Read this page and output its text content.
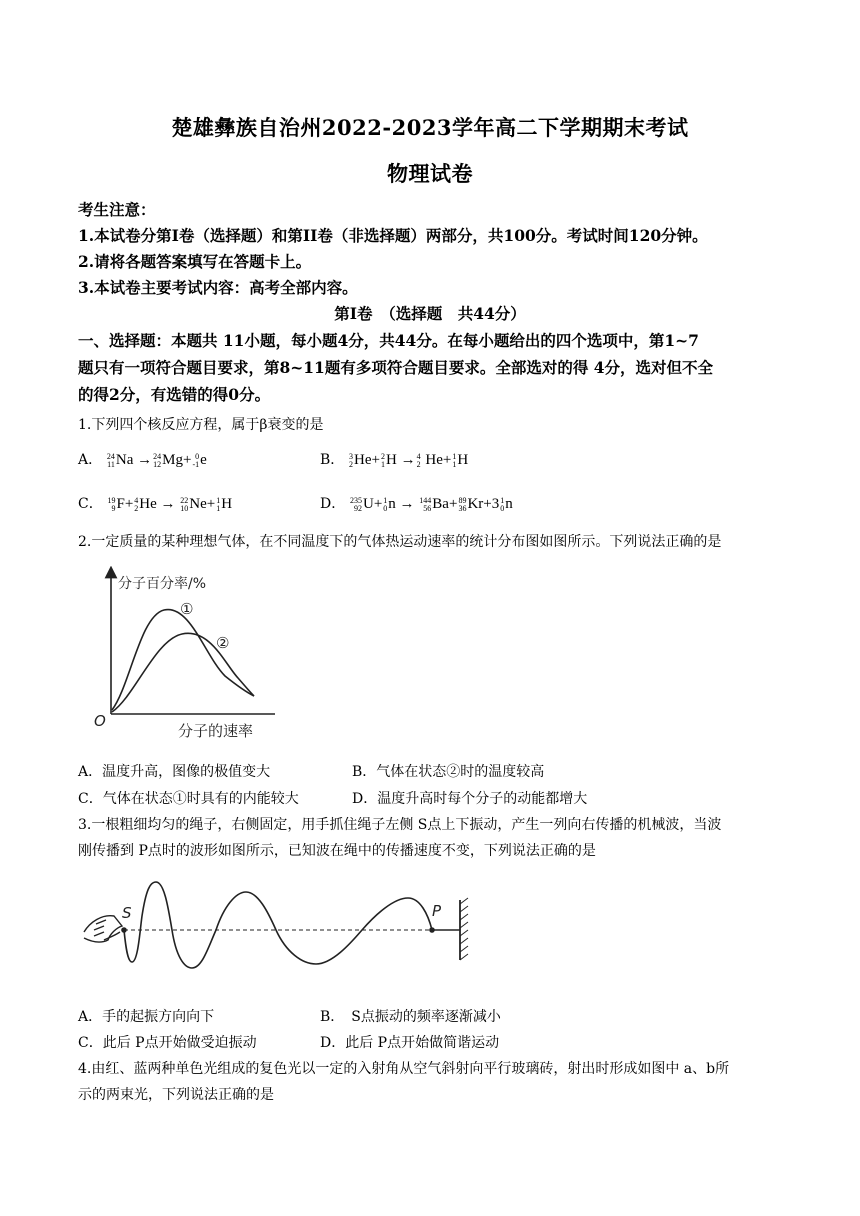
楚雄彝族自治州2022-2023学年高二下学期期末考试
物理试卷
考生注意：
1.本试卷分第I卷（选择题）和第II卷（非选择题）两部分，共100分。考试时间120分钟。
2.请将各题答案填写在答题卡上。
3.本试卷主要考试内容：高考全部内容。
第I卷　（选择题　共44分）
一、选择题：本题共 11小题，每小题4分，共44分。在每小题给出的四个选项中，第1~7
题只有一项符合题目要求，第8~11题有多项符合题目要求。全部选对的得 4分，选对但不全
的得2分，有选错的得0分。
1.下列四个核反应方程，属于β衰变的是
A． 24
11 Na → 24
12 Mg+ 0
-1 e	B． 3
2 He+ 2
1 H → 4
2 He+ 1
1 H
C． 19
9 F+ 4
2 He → 22
10 Ne+ 1
1 H	D． 235
92 U+ 1
0 n → 144
56 Ba+ 89
36 Kr+3 1
0 n
2.一定质量的某种理想气体，在不同温度下的气体热运动速率的统计分布图如图所示。下列说法正确的是
分子百分率/%
分子的速率
O
①
②
A．温度升高，图像的极值变大	B．气体在状态②时的温度较高
C．气体在状态①时具有的内能较大	D．温度升高时每个分子的动能都增大
3.一根粗细均匀的绳子，右侧固定，用手抓住绳子左侧 S点上下振动，产生一列向右传播的机械波，当波
刚传播到 P点时的波形如图所示，已知波在绳中的传播速度不变，下列说法正确的是
S	P
A．手的起振方向向下	B．　S点振动的频率逐渐减小
C．此后 P点开始做受迫振动	D．此后 P点开始做简谐运动
4.由红、蓝两种单色光组成的复色光以一定的入射角从空气斜射向平行玻璃砖，射出时形成如图中 a、b所
示的两束光，下列说法正确的是
